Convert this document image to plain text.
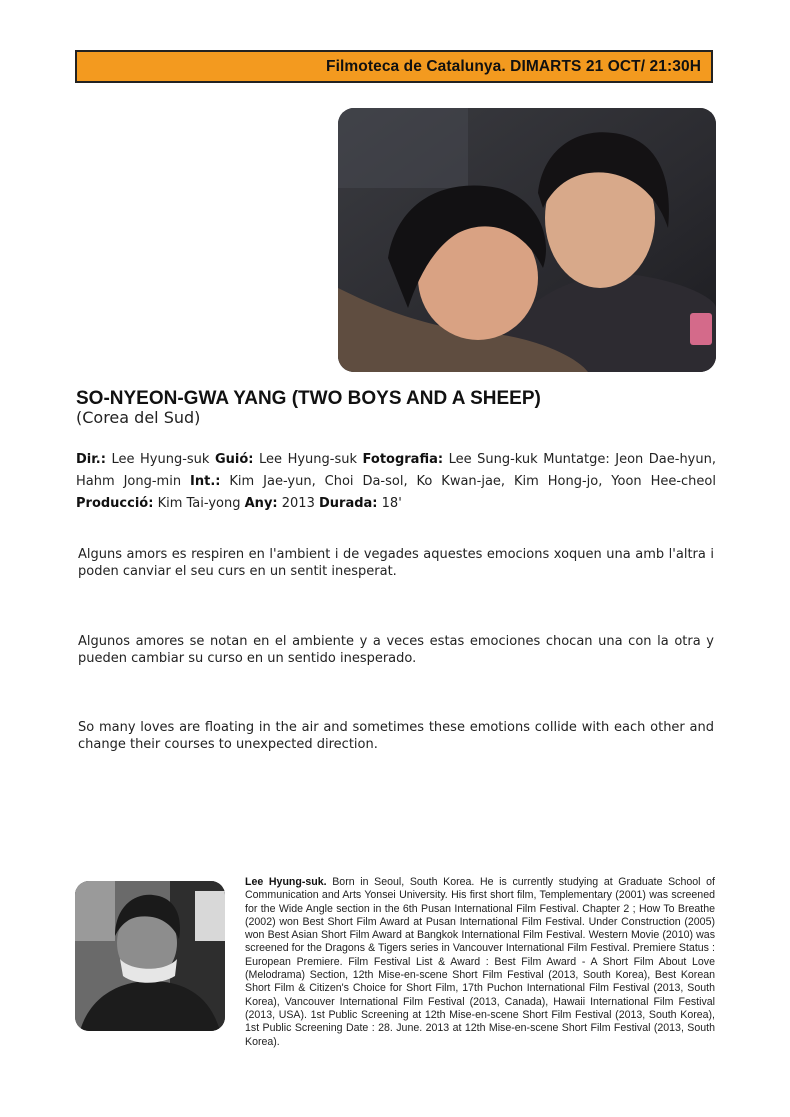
Filmoteca de Catalunya. DIMARTS 21 OCT/ 21:30H
SO-NYEON-GWA YANG (TWO BOYS AND A SHEEP)

(Corea del Sud)

Dir.: Lee Hyung-suk Guió: Lee Hyung-suk Fotografia: Lee Sung-kuk Muntatge: Jeon Dae-hyun, Hahm Jong-min Int.: Kim Jae-yun, Choi Da-sol, Ko Kwan-jae, Kim Hong-jo, Yoon Hee-cheol Producció: Kim Tai-yong Any: 2013 Durada: 18'

Alguns amors es respiren en l'ambient i de vegades aquestes emocions xoquen una amb l'altra i poden canviar el seu curs en un sentit inesperat.

Algunos amores se notan en el ambiente y a veces estas emociones chocan una con la otra y pueden cambiar su curso en un sentido inesperado.

So many loves are floating in the air and sometimes these emotions collide with each other and change their courses to unexpected direction.

Lee Hyung-suk. Born in Seoul, South Korea. He is currently studying at Graduate School of Communication and Arts Yonsei University. His first short film, Templementary (2001) was screened for the Wide Angle section in the 6th Pusan International Film Festival. Chapter 2 ; How To Breathe (2002) won Best Short Film Award at Pusan International Film Festival. Under Construction (2005) won Best Asian Short Film Award at Bangkok International Film Festival. Western Movie (2010) was screened for the Dragons & Tigers series in Vancouver International Film Festival. Premiere Status : European Premiere. Film Festival List & Award : Best Film Award - A Short Film About Love (Melodrama) Section, 12th Mise-en-scene Short Film Festival (2013, South Korea), Best Korean Short Film & Citizen's Choice for Short Film, 17th Puchon International Film Festival (2013, South Korea), Vancouver International Film Festival (2013, Canada), Hawaii International Film Festival (2013, USA). 1st Public Screening at 12th Mise-en-scene Short Film Festival (2013, South Korea), 1st Public Screening Date : 28. June. 2013 at 12th Mise-en-scene Short Film Festival (2013, South Korea).
